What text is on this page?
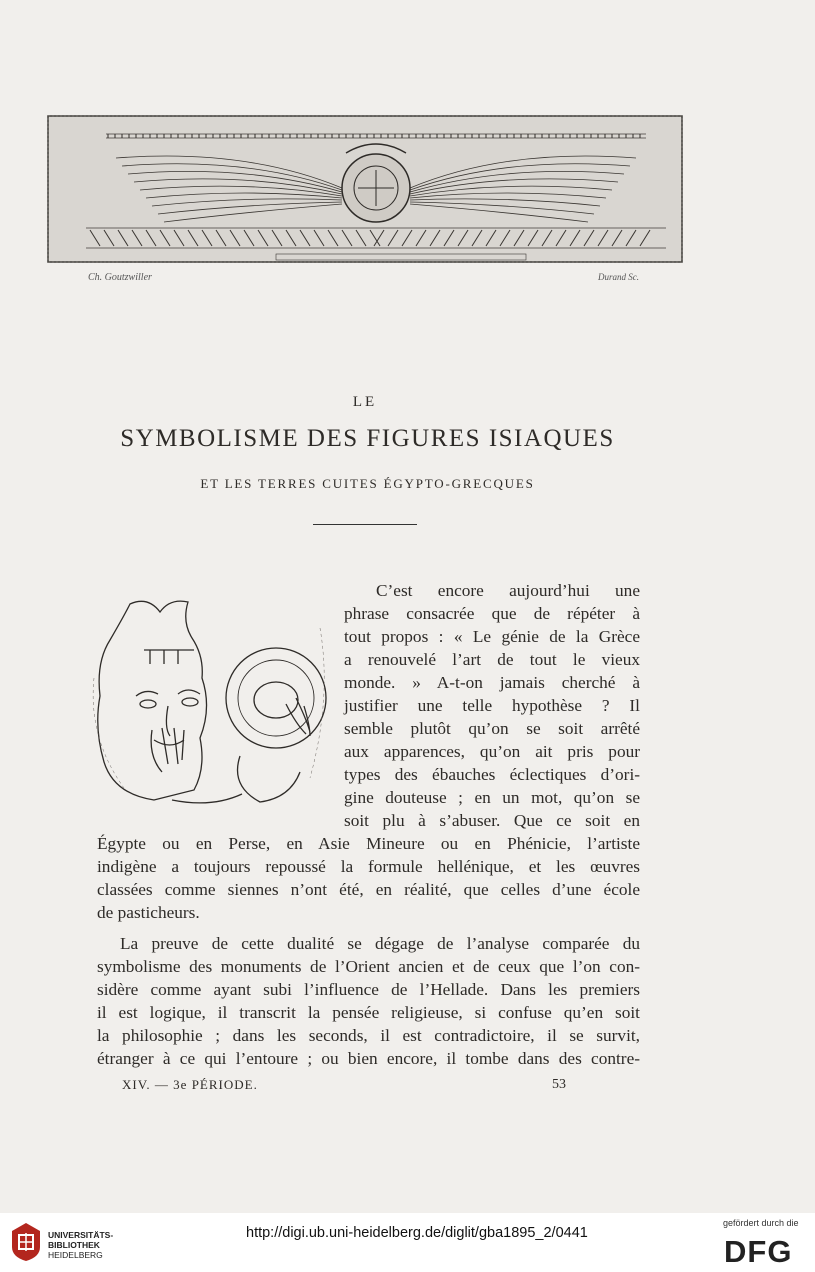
Ch. Goutzwiller	Durand Sc.
LE
SYMBOLISME DES FIGURES ISIAQUES
ET LES TERRES CUITES ÉGYPTO-GRECQUES
C’est encore aujourd’hui une
phrase consacrée que de répéter à
tout propos : « Le génie de la Grèce
a renouvelé l’art de tout le vieux
monde. » A-t-on jamais cherché à
justifier une telle hypothèse ? Il
semble plutôt qu’on se soit arrêté
aux apparences, qu’on ait pris pour
types des ébauches éclectiques d’ori-
gine douteuse ; en un mot, qu’on se
soit plu à s’abuser. Que ce soit en
Égypte ou en Perse, en Asie Mineure ou en Phénicie, l’artiste
indigène a toujours repoussé la formule hellénique, et les œuvres
classées comme siennes n’ont été, en réalité, que celles d’une école
de pasticheurs.
La preuve de cette dualité se dégage de l’analyse comparée du
symbolisme des monuments de l’Orient ancien et de ceux que l’on con-
sidère comme ayant subi l’influence de l’Hellade. Dans les premiers
il est logique, il transcrit la pensée religieuse, si confuse qu’en soit
la philosophie ; dans les seconds, il est contradictoire, il se survit,
étranger à ce qui l’entoure ; ou bien encore, il tombe dans des contre-
XIV. — 3e PÉRIODE.	53
UNIVERSITÄTS-
BIBLIOTHEK
HEIDELBERG
http://digi.ub.uni-heidelberg.de/diglit/gba1895_2/0441
gefördert durch die
DFG
